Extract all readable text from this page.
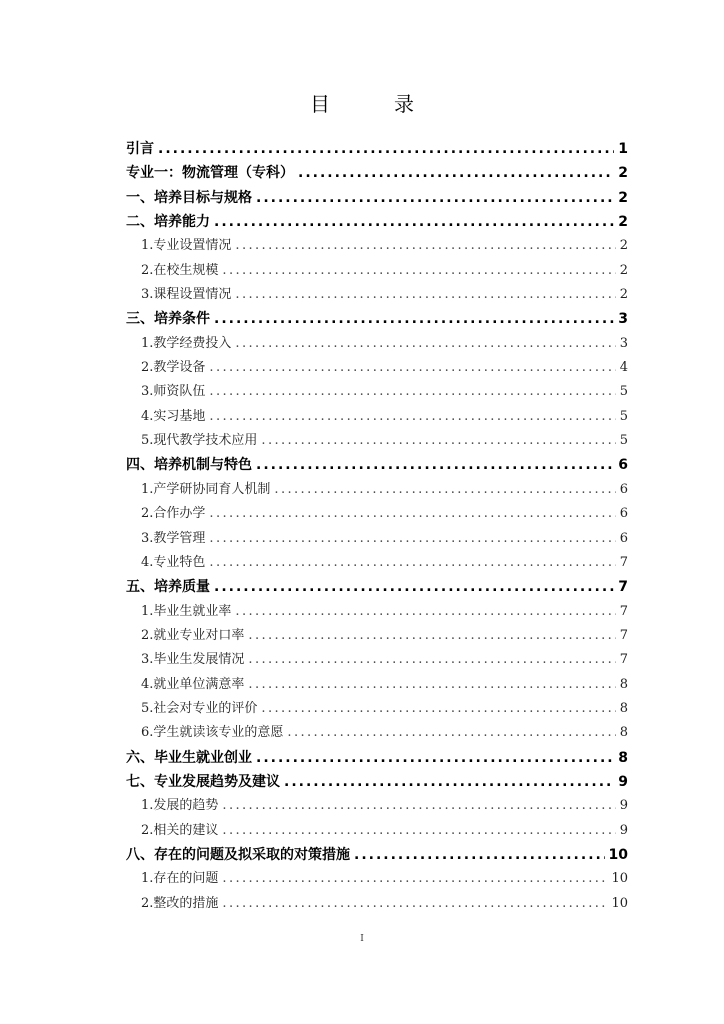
目　录
引言 .....	1
专业一：物流管理（专科） .....	2
一、培养目标与规格 .....	2
二、培养能力 .....	2
1.专业设置情况 .....	2
2.在校生规模 .....	2
3.课程设置情况 .....	2
三、培养条件 .....	3
1.教学经费投入 .....	3
2.教学设备 .....	4
3.师资队伍 .....	5
4.实习基地 .....	5
5.现代教学技术应用 .....	5
四、培养机制与特色 .....	6
1.产学研协同育人机制 .....	6
2.合作办学 .....	6
3.教学管理 .....	6
4.专业特色 .....	7
五、培养质量 .....	7
1.毕业生就业率 .....	7
2.就业专业对口率 .....	7
3.毕业生发展情况 .....	7
4.就业单位满意率 .....	8
5.社会对专业的评价 .....	8
6.学生就读该专业的意愿 .....	8
六、毕业生就业创业 .....	8
七、专业发展趋势及建议 .....	9
1.发展的趋势 .....	9
2.相关的建议 .....	9
八、存在的问题及拟采取的对策措施 .....	10
1.存在的问题 .....	10
2.整改的措施 .....	10
I
